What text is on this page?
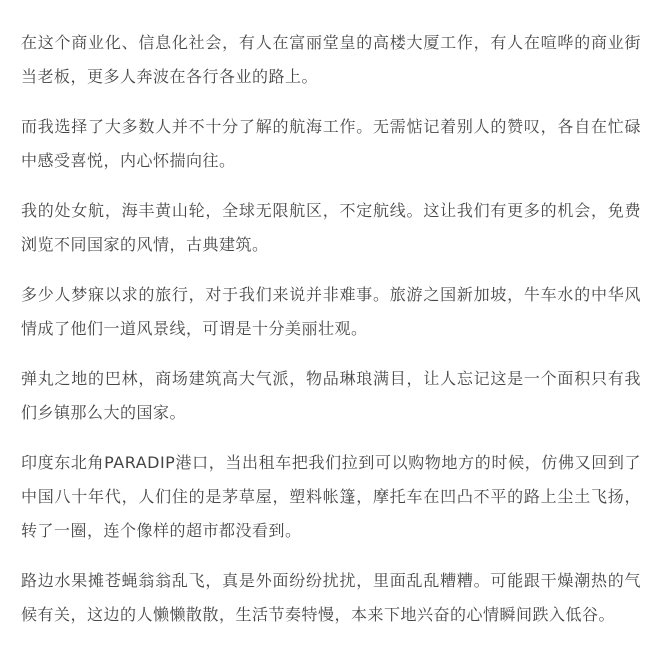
在这个商业化、信息化社会，有人在富丽堂皇的高楼大厦工作，有人在喧哗的商业街当老板，更多人奔波在各行各业的路上。

而我选择了大多数人并不十分了解的航海工作。无需惦记着别人的赞叹，各自在忙碌中感受喜悦，内心怀揣向往。

我的处女航，海丰黄山轮，全球无限航区，不定航线。这让我们有更多的机会，免费浏览不同国家的风情，古典建筑。

多少人梦寐以求的旅行，对于我们来说并非难事。旅游之国新加坡，牛车水的中华风情成了他们一道风景线，可谓是十分美丽壮观。

弹丸之地的巴林，商场建筑高大气派，物品琳琅满目，让人忘记这是一个面积只有我们乡镇那么大的国家。

印度东北角PARADIP港口，当出租车把我们拉到可以购物地方的时候，仿佛又回到了中国八十年代，人们住的是茅草屋，塑料帐篷，摩托车在凹凸不平的路上尘土飞扬，转了一圈，连个像样的超市都没看到。

路边水果摊苍蝇翁翁乱飞，真是外面纷纷扰扰，里面乱乱糟糟。可能跟干燥潮热的气候有关，这边的人懒懒散散，生活节奏特慢，本来下地兴奋的心情瞬间跌入低谷。
